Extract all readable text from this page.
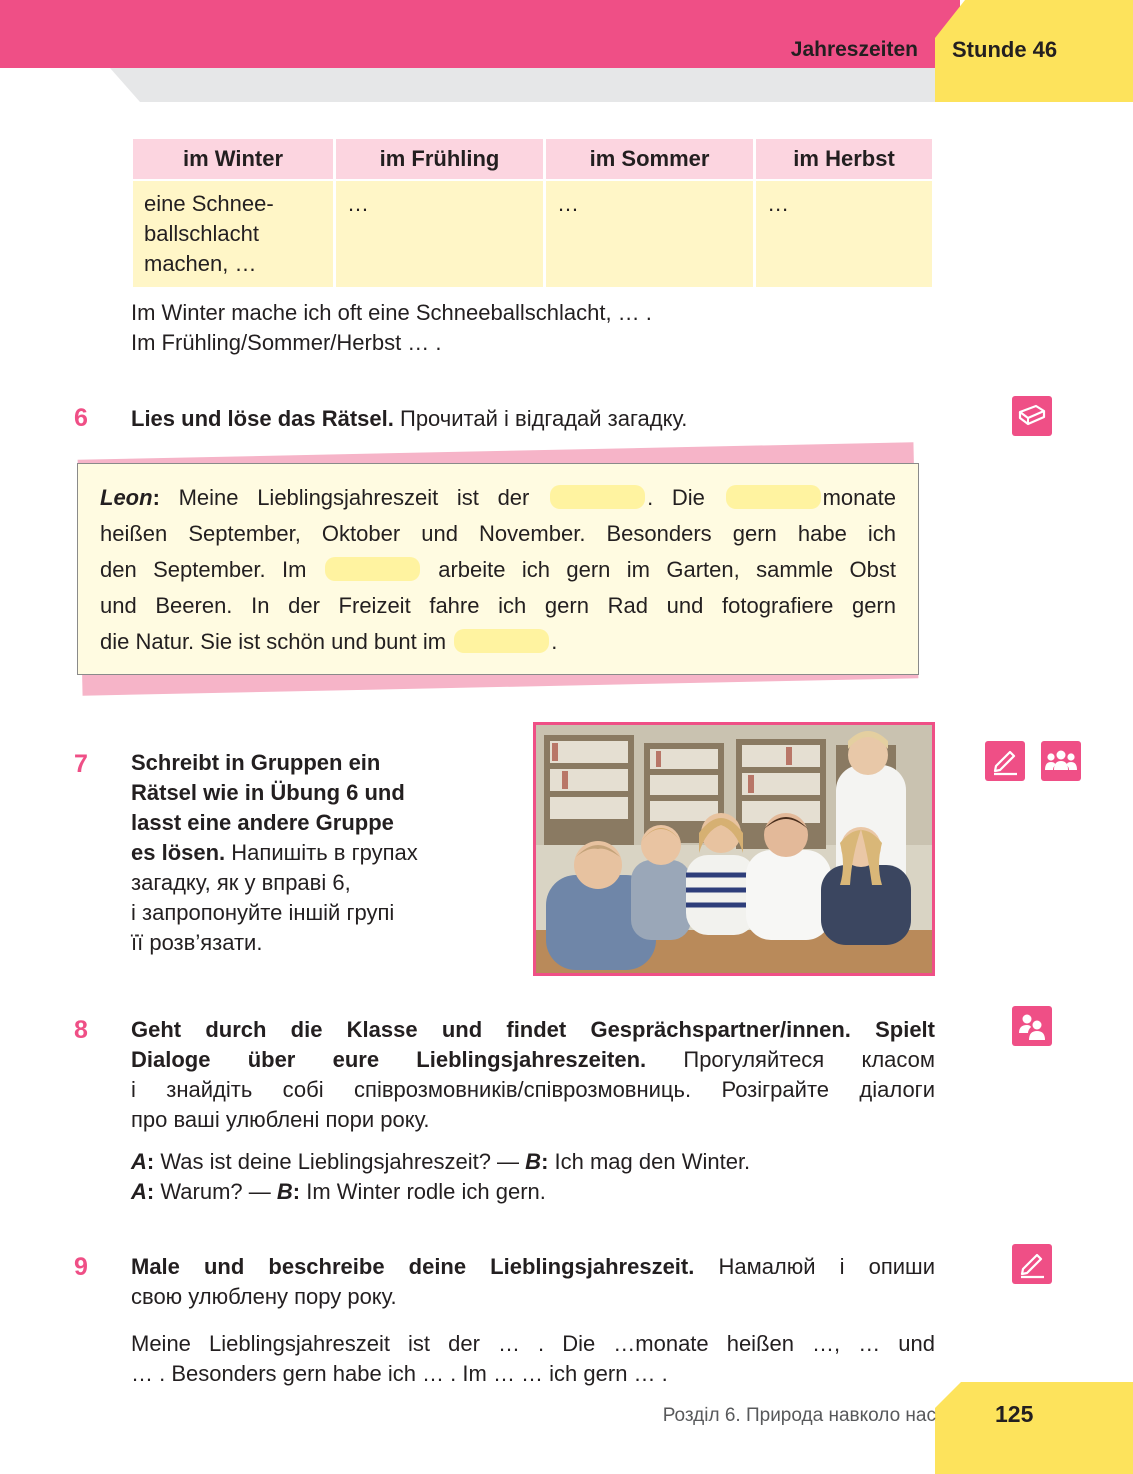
Jahreszeiten Stunde 46
im Winter	im Frühling	im Sommer	im Herbst
eine Schnee-
ballschlacht
machen, …	…	…	…
Im Winter mache ich oft eine Schneeballschlacht, … .
Im Frühling/Sommer/Herbst … .
6 Lies und löse das Rätsel. Прочитай і відгадай загадку.

Leon: Meine Lieblingsjahreszeit ist der	. Die	monate

heißen September, Oktober und November. Besonders gern habe ich

den September. Im	arbeite ich gern im Garten, sammle Obst

und Beeren. In der Freizeit fahre ich gern Rad und fotografiere gern

die Natur. Sie ist schön und bunt im	.

7 Schreibt in Gruppen ein
Rätsel wie in Übung 6 und
lasst eine andere Gruppe
es lösen. Напишіть в групах
загадку, як у вправі 6,
і запропонуйте іншій групі
її розв’язати.
8 Geht durch die Klasse und findet Gesprächspartner/innen. Spielt
Dialoge über eure Lieblingsjahreszeiten. Прогуляйтеся класом
і знайдіть собі співрозмовників/співрозмовниць. Розіграйте діалоги
про ваші улюблені пори року.
A: Was ist deine Lieblingsjahreszeit? — B: Ich mag den Winter.
A: Warum? — B: Im Winter rodle ich gern.
9 Male und beschreibe deine Lieblingsjahreszeit. Намалюй і опиши
свою улюблену пору року.
Meine Lieblingsjahreszeit ist der … . Die …monate heißen …, … und
… . Besonders gern habe ich … . Im … … ich gern … .
Розділ 6. Природа навколо нас	125
